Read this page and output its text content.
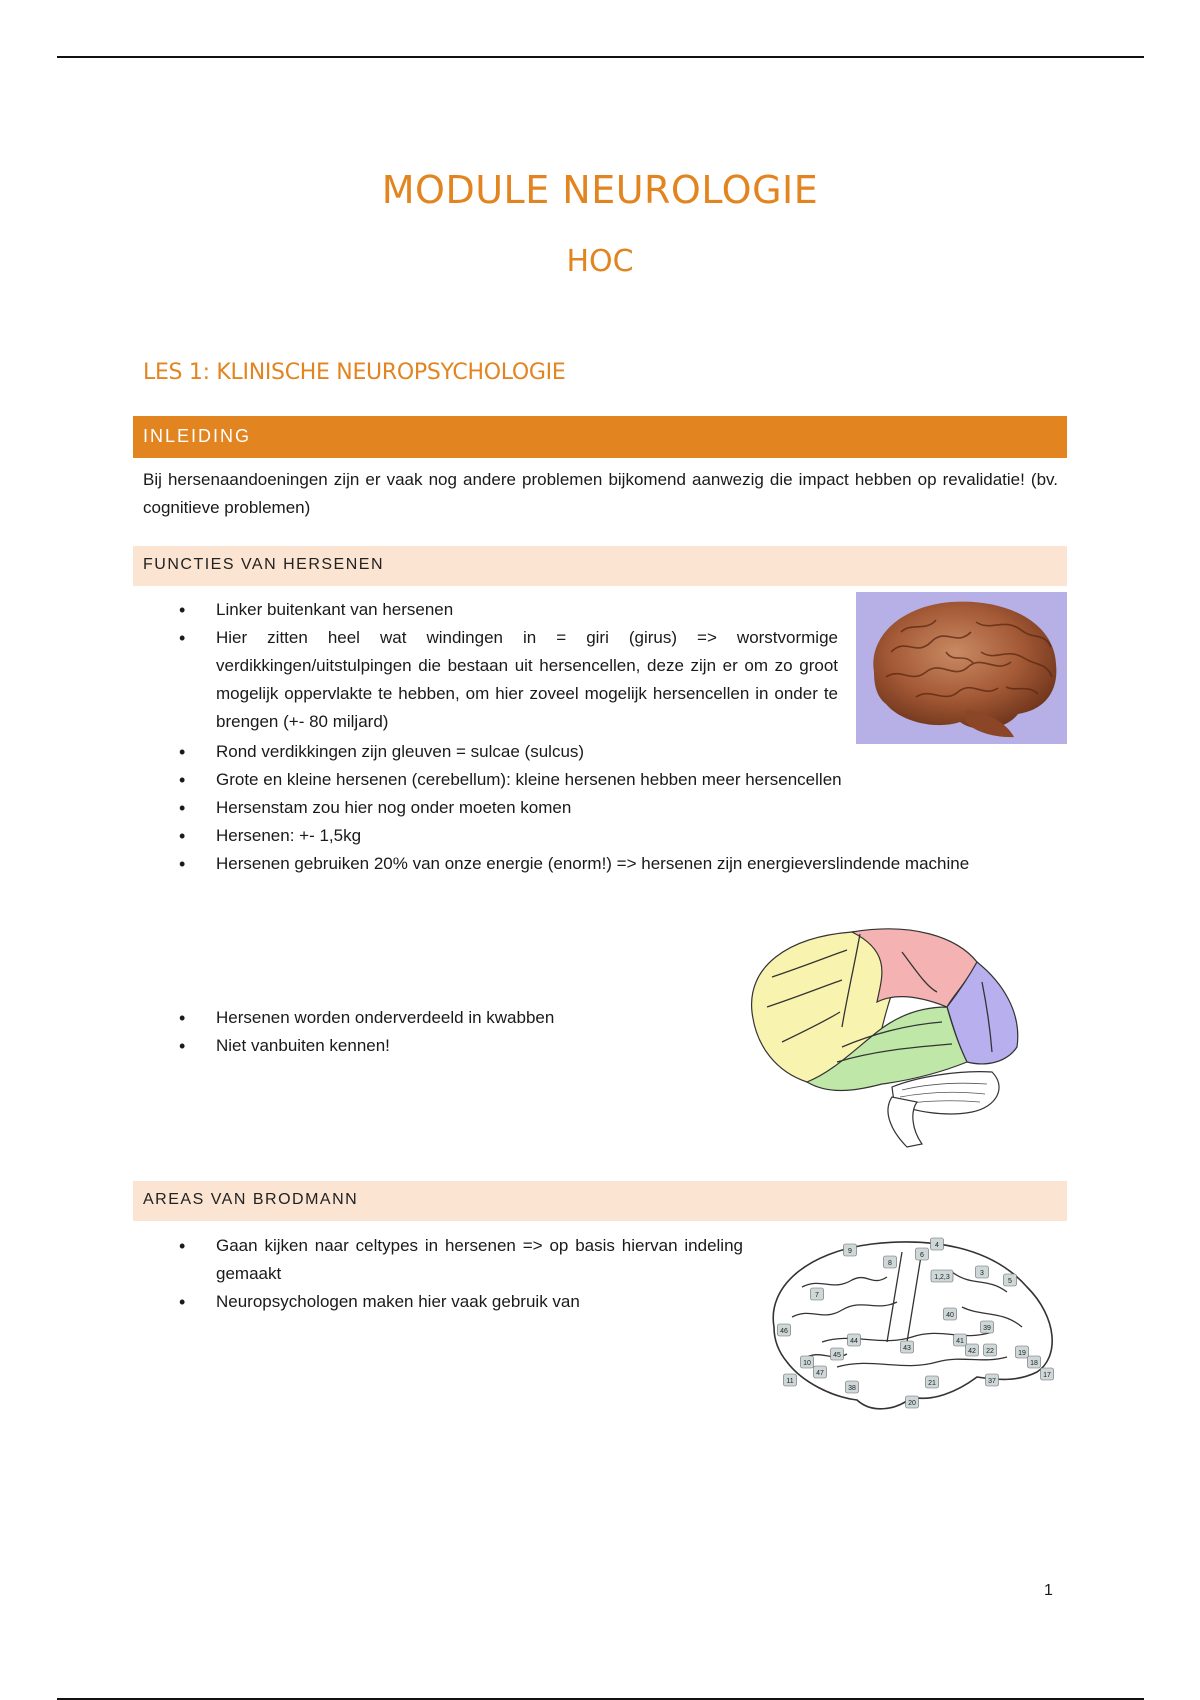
MODULE NEUROLOGIE
HOC
LES 1: KLINISCHE NEUROPSYCHOLOGIE
INLEIDING
Bij hersenaandoeningen zijn er vaak nog andere problemen bijkomend aanwezig die impact hebben op revalidatie! (bv. cognitieve problemen)
FUNCTIES VAN HERSENEN
• Linker buitenkant van hersenen
• Hier zitten heel wat windingen in = giri (girus) => worstvormige verdikkingen/uitstulpingen die bestaan uit hersencellen, deze zijn er om zo groot mogelijk oppervlakte te hebben, om hier zoveel mogelijk hersencellen in onder te brengen (+- 80 miljard)
• Rond verdikkingen zijn gleuven = sulcae (sulcus)
• Grote en kleine hersenen (cerebellum): kleine hersenen hebben meer hersencellen
• Hersenstam zou hier nog onder moeten komen
• Hersenen: +- 1,5kg
• Hersenen gebruiken 20% van onze energie (enorm!) => hersenen zijn energieverslindende machine
• Hersenen worden onderverdeeld in kwabben
• Niet vanbuiten kennen!
AREAS VAN BRODMANN
• Gaan kijken naar celtypes in hersenen => op basis hiervan indeling gemaakt
• Neuropsychologen maken hier vaak gebruik van
9
8
6
4
3
1,2,3
5
7
46
10
44
45
47
11
40
39
41
42 22	19
18
17
43
38
21	37
20
1
